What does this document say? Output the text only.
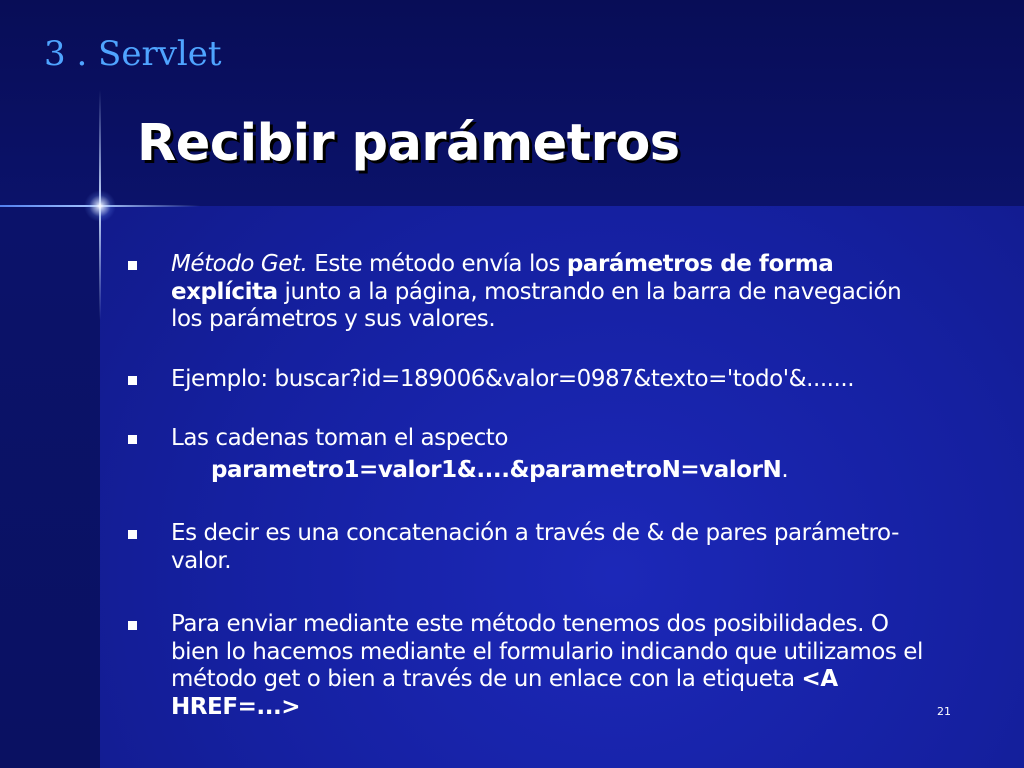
3 . Servlet
Recibir parámetros
Método Get. Este método envía los parámetros de forma explícita junto a la página, mostrando en la barra de navegación los parámetros y sus valores.
Ejemplo: buscar?id=189006&valor=0987&texto='todo'&.......
Las cadenas toman el aspecto
parametro1=valor1&....&parametroN=valorN.
Es decir es una concatenación a través de & de pares parámetro-valor.
Para enviar mediante este método tenemos dos posibilidades. O bien lo hacemos mediante el formulario indicando que utilizamos el método get o bien a través de un enlace con la etiqueta <A HREF=...>	21
